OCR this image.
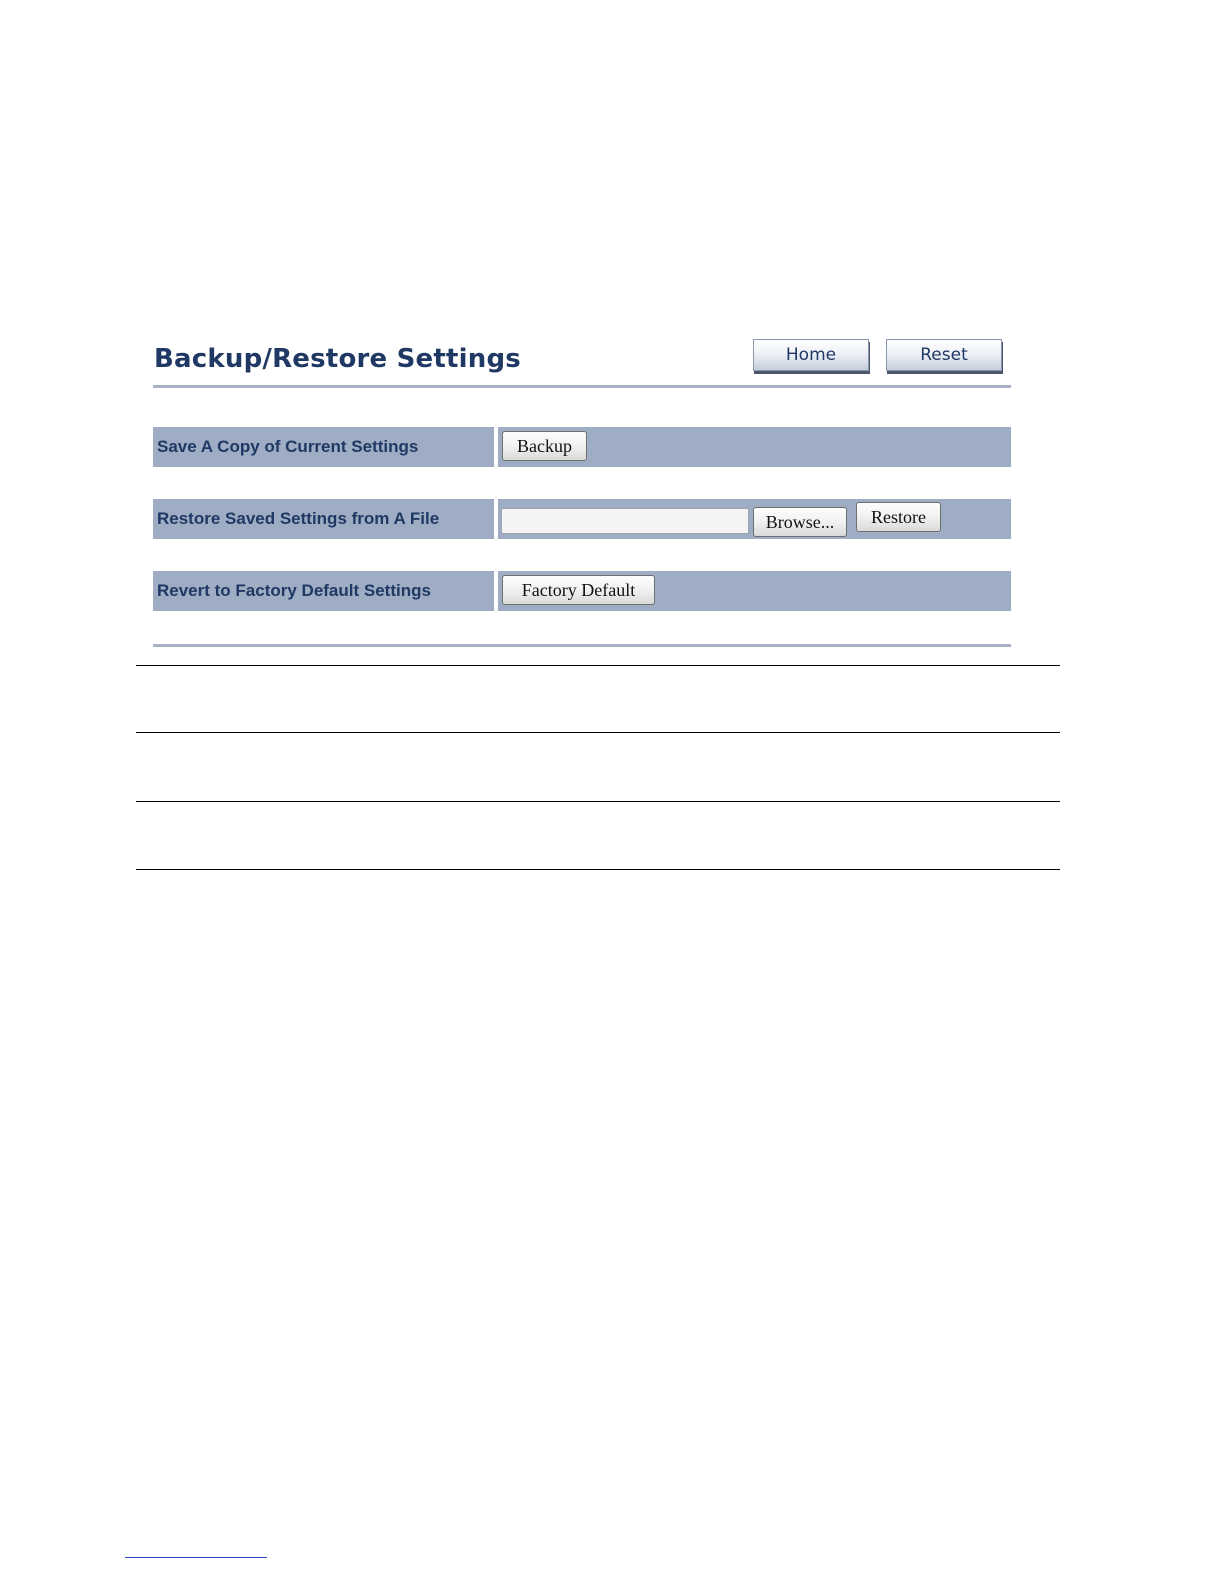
Backup/Restore Settings	Home	Reset
Save A Copy of Current Settings	Backup
Restore Saved Settings from A File	Browse...	Restore
Revert to Factory Default Settings	Factory Default
